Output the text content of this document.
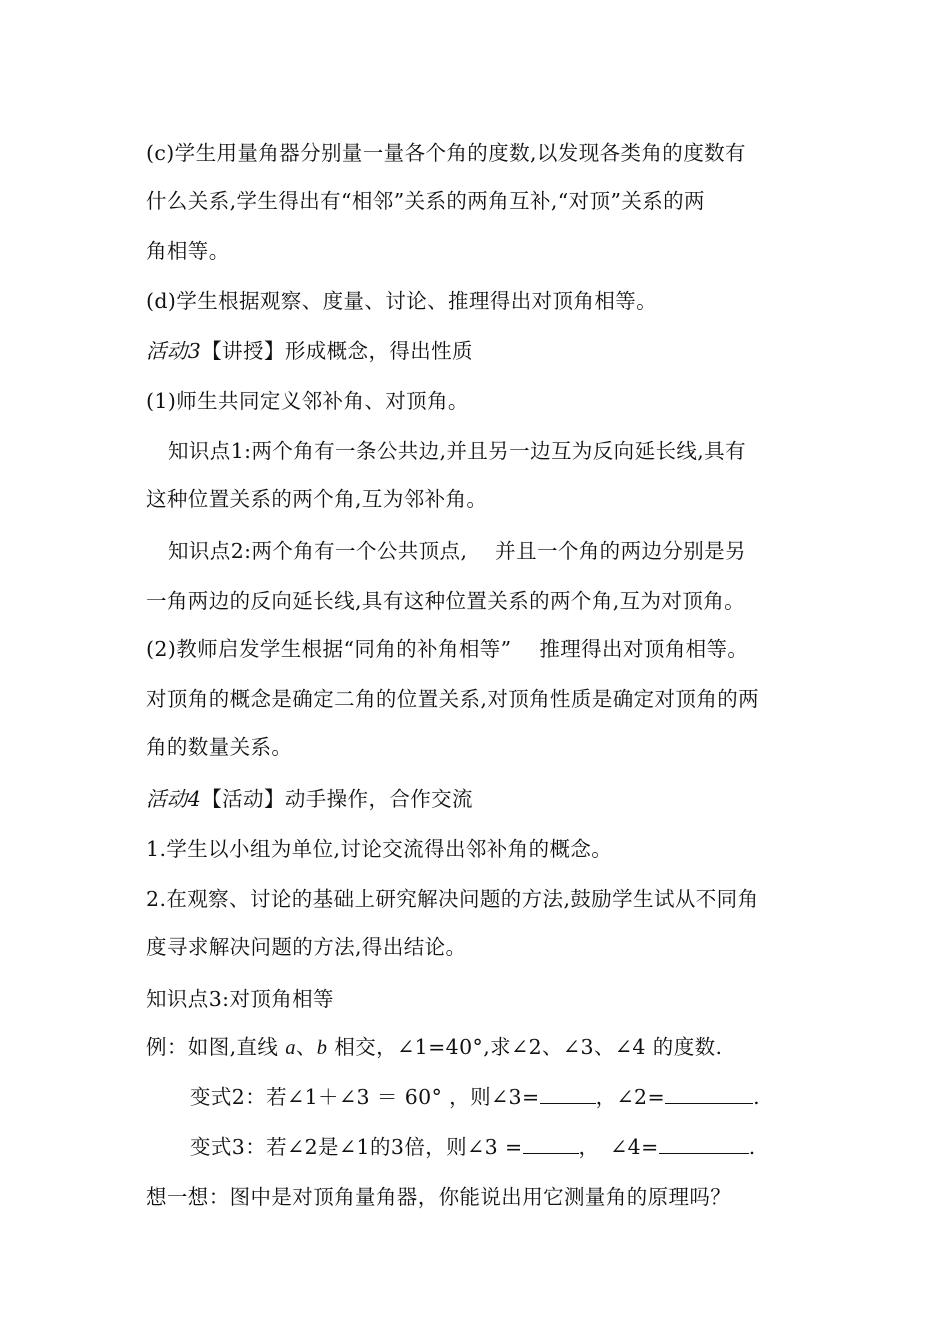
(c)学生用量角器分别量一量各个角的度数,以发现各类角的度数有
什么关系,学生得出有“相邻”关系的两角互补,“对顶”关系的两
角相等。
(d)学生根据观察、度量、讨论、推理得出对顶角相等。
活动3【讲授】形成概念，得出性质
(1)师生共同定义邻补角、对顶角。
知识点1:两个角有一条公共边,并且另一边互为反向延长线,具有
这种位置关系的两个角,互为邻补角。
知识点2:两个角有一个公共顶点,　 并且一个角的两边分别是另
一角两边的反向延长线,具有这种位置关系的两个角,互为对顶角。
(2)教师启发学生根据“同角的补角相等”　 推理得出对顶角相等。
对顶角的概念是确定二角的位置关系,对顶角性质是确定对顶角的两
角的数量关系。
活动4【活动】动手操作，合作交流
1.学生以小组为单位,讨论交流得出邻补角的概念。
2.在观察、讨论的基础上研究解决问题的方法,鼓励学生试从不同角
度寻求解决问题的方法,得出结论。
知识点3:对顶角相等
例：如图,直线 a、b 相交，∠1=40°,求∠2、∠3、∠4 的度数.
变式2：若∠1＋∠3 ＝ 60° ，则∠3=	，∠2=	.
变式3：若∠2是∠1的3倍，则∠3 =	，　∠4=	.
想一想：图中是对顶角量角器，你能说出用它测量角的原理吗？
